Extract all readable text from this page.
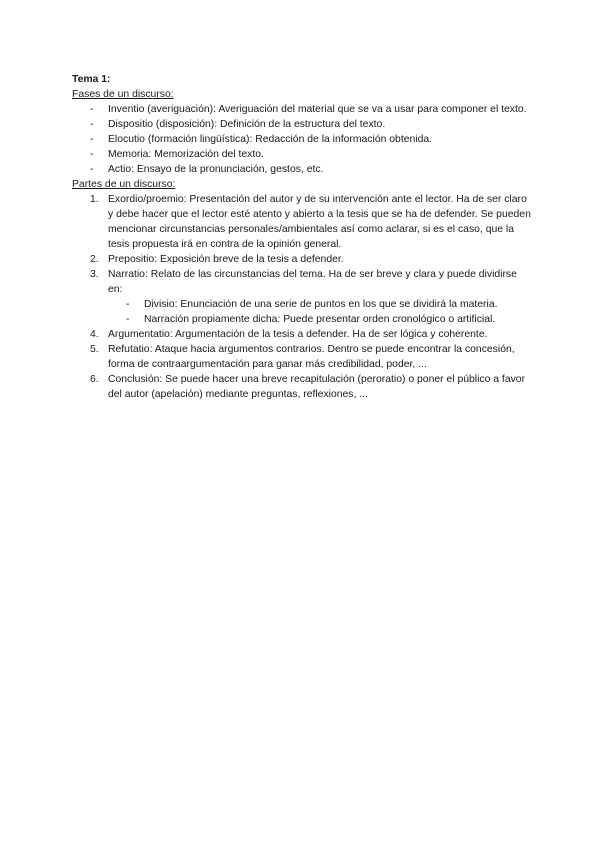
Tema 1:

Fases de un discurso:

- Inventio (averiguación): Averiguación del material que se va a usar para componer el texto.
- Dispositio (disposición): Definición de la estructura del texto.
- Elocutio (formación lingüística): Redacción de la información obtenida.
- Memoria: Memorización del texto.
- Actio: Ensayo de la pronunciación, gestos, etc.

Partes de un discurso:

1. Exordio/proemio: Presentación del autor y de su intervención ante el lector. Ha de ser claro y debe hacer que el lector esté atento y abierto a la tesis que se ha de defender. Se pueden mencionar circunstancias personales/ambientales así como aclarar, si es el caso, que la tesis propuesta irá en contra de la opinión general.
2. Prepositio: Exposición breve de la tesis a defender.
3. Narratio: Relato de las circunstancias del tema. Ha de ser breve y clara y puede dividirse en:
- Divisio: Enunciación de una serie de puntos en los que se dividirá la materia.
- Narración propiamente dicha: Puede presentar orden cronológico o artificial.
4. Argumentatio: Argumentación de la tesis a defender. Ha de ser lógica y coherente.
5. Refutatio: Ataque hacia argumentos contrarios. Dentro se puede encontrar la concesión, forma de contraargumentación para ganar más credibilidad, poder, ...
6. Conclusión: Se puede hacer una breve recapitulación (peroratio) o poner el público a favor del autor (apelación) mediante preguntas, reflexiones, ...
